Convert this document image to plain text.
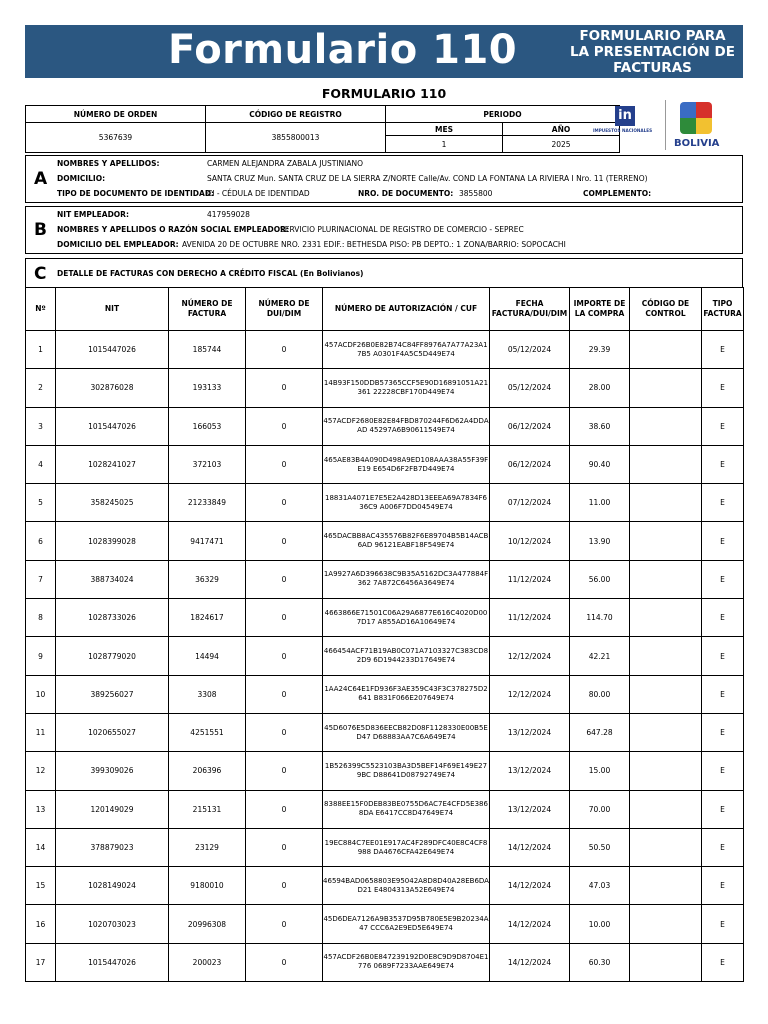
Formulario 110	FORMULARIO PARA LA PRESENTACIÓN DE FACTURAS
FORMULARIO 110
NÚMERO DE ORDEN	CÓDIGO DE REGISTRO	PERIODO	
5367639	3855800013	MES	AÑO
		1	2025
in
IMPUESTOS NACIONALES
BOLIVIA
A
NOMBRES Y APELLIDOS:	CARMEN ALEJANDRA ZABALA JUSTINIANO
DOMICILIO:	SANTA CRUZ Mun. SANTA CRUZ DE LA SIERRA Z/NORTE Calle/Av. COND LA FONTANA LA RIVIERA I Nro. 11 (TERRENO)
TIPO DE DOCUMENTO DE IDENTIDAD:
CI - CÉDULA DE IDENTIDAD	NRO. DE DOCUMENTO: 3855800	COMPLEMENTO:
B
NIT EMPLEADOR:	417959028
NOMBRES Y APELLIDOS O RAZÓN SOCIAL EMPLEADOR:
SERVICIO PLURINACIONAL DE REGISTRO DE COMERCIO - SEPREC
DOMICILIO DEL EMPLEADOR: AVENIDA 20 DE OCTUBRE NRO. 2331 EDIF.: BETHESDA PISO: PB DEPTO.: 1 ZONA/BARRIO: SOPOCACHI
C DETALLE DE FACTURAS CON DERECHO A CRÉDITO FISCAL (En Bolivianos)
Nº	NIT	NÚMERO DE FACTURA	NÚMERO DE DUI/DIM	NÚMERO DE AUTORIZACIÓN / CUF	FECHA FACTURA/DUI/DIM	IMPORTE DE LA COMPRA	CÓDIGO DE CONTROL	TIPO FACTURA
1	1015447026	185744	0	457ACDF26B0E82B74C84FF8976A7A77A23A17B5 A0301F4A5C5D449E74	05/12/2024	29.39		E
2	302876028	193133	0	14B93F150DDB57365CCF5E90D16891051A21361 22228CBF170D449E74	05/12/2024	28.00		E
3	1015447026	166053	0	457ACDF2680E82E84FBD870244F6D62A4DDAAD 45297A6B90611549E74	06/12/2024	38.60		E
4	1028241027	372103	0	465AE83B4A090D498A9ED108AAA38A55F39FE19 E654D6F2FB7D449E74	06/12/2024	90.40		E
5	358245025	21233849	0	18831A4071E7E5E2A428D13EEEA69A7834F636C9 A006F7DD04549E74	07/12/2024	11.00		E
6	1028399028	9417471	0	465DACBB8AC435576B82F6E89704B5B14ACB6AD 96121EABF18F549E74	10/12/2024	13.90		E
7	388734024	36329	0	1A9927A6D396638C9B35A5162DC3A477884F362 7A872C6456A3649E74	11/12/2024	56.00		E
8	1028733026	1824617	0	4663866E71501C06A29A6877E616C4020D007D17 A855AD16A10649E74	11/12/2024	114.70		E
9	1028779020	14494	0	466454ACF71B19AB0C071A7103327C383CD82D9 6D1944233D17649E74	12/12/2024	42.21		E
10	389256027	3308	0	1AA24C64E1FD936F3AE359C43F3C378275D2641 B831F066E207649E74	12/12/2024	80.00		E
11	1020655027	4251551	0	45D6076E5D836EECB82D08F1128330E00B5ED47 D68883AA7C6A649E74	13/12/2024	647.28		E
12	399309026	206396	0	1B526399C5523103BA3D5BEF14F69E149E279BC D88641D08792749E74	13/12/2024	15.00		E
13	120149029	215131	0	8388EE15F0DEB83BE0755D6AC7E4CFD5E3868DA E6417CC8D47649E74	13/12/2024	70.00		E
14	378879023	23129	0	19EC884C7EE01E917AC4F289DFC40E8C4CF8988 DA4676CFA42E649E74	14/12/2024	50.50		E
15	1028149024	9180010	0	46594BAD0658803E95042A8D8D40A28EB6DAD21 E4804313A52E649E74	14/12/2024	47.03		E
16	1020703023	20996308	0	45D6DEA7126A9B3537D95B780E5E9B20234A47 CCC6A2E9ED5E649E74	14/12/2024	10.00		E
17	1015447026	200023	0	457ACDF26B0E847239192D0E8C9D9D8704E1776 0689F7233AAE649E74	14/12/2024	60.30		E
